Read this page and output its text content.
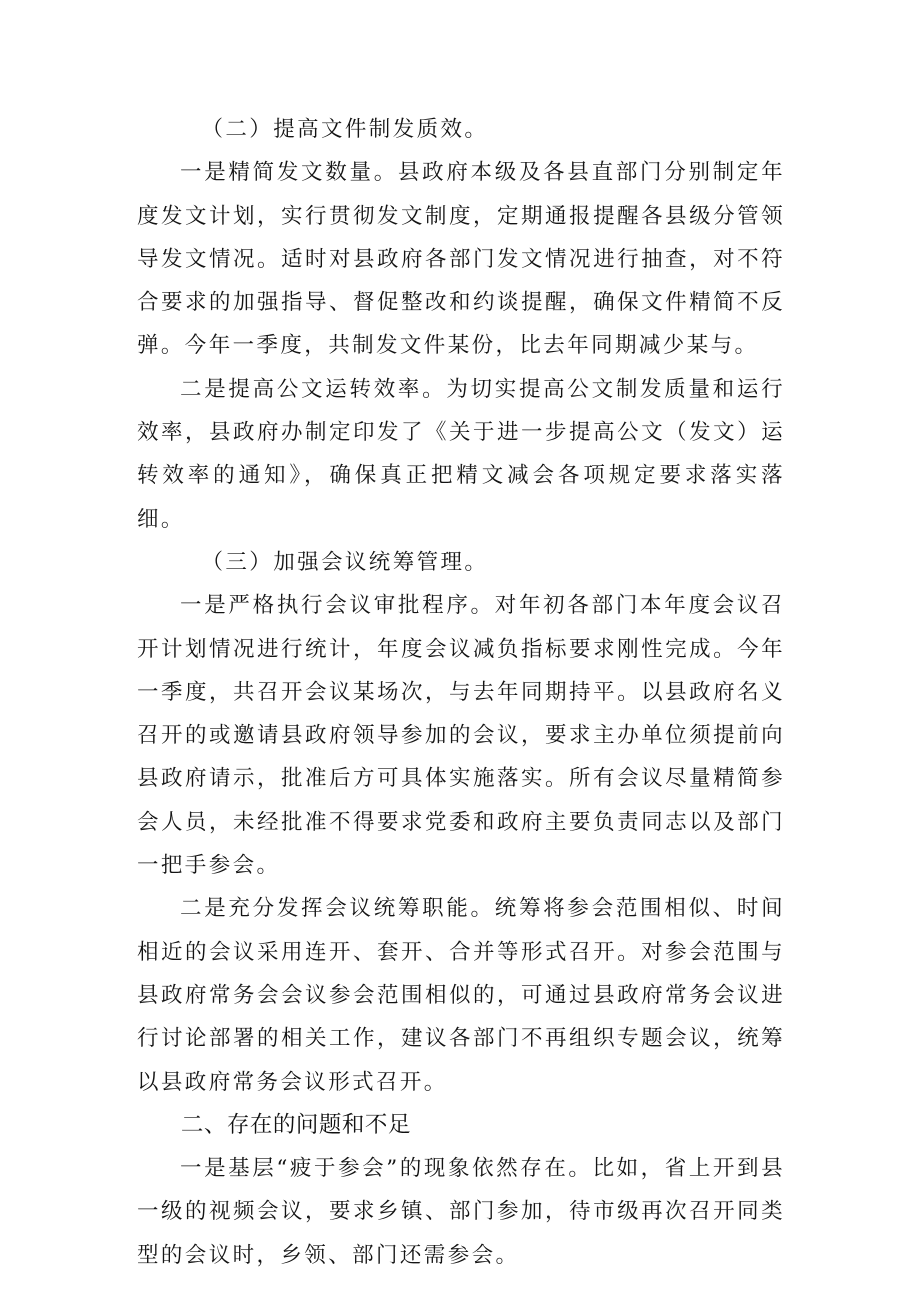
（二）提高文件制发质效。

一是精简发文数量。县政府本级及各县直部门分别制定年度发文计划，实行贯彻发文制度，定期通报提醒各县级分管领导发文情况。适时对县政府各部门发文情况进行抽查，对不符合要求的加强指导、督促整改和约谈提醒，确保文件精简不反弹。今年一季度，共制发文件某份，比去年同期减少某与。

二是提高公文运转效率。为切实提高公文制发质量和运行效率，县政府办制定印发了《关于进一步提高公文（发文）运转效率的通知》，确保真正把精文减会各项规定要求落实落细。

（三）加强会议统筹管理。

一是严格执行会议审批程序。对年初各部门本年度会议召开计划情况进行统计，年度会议减负指标要求刚性完成。今年一季度，共召开会议某场次，与去年同期持平。以县政府名义召开的或邀请县政府领导参加的会议，要求主办单位须提前向县政府请示，批准后方可具体实施落实。所有会议尽量精简参会人员，未经批准不得要求党委和政府主要负责同志以及部门一把手参会。

二是充分发挥会议统筹职能。统筹将参会范围相似、时间相近的会议采用连开、套开、合并等形式召开。对参会范围与县政府常务会会议参会范围相似的，可通过县政府常务会议进行讨论部署的相关工作，建议各部门不再组织专题会议，统筹以县政府常务会议形式召开。

二、存在的问题和不足

一是基层“疲于参会”的现象依然存在。比如，省上开到县一级的视频会议，要求乡镇、部门参加，待市级再次召开同类型的会议时，乡领、部门还需参会。
